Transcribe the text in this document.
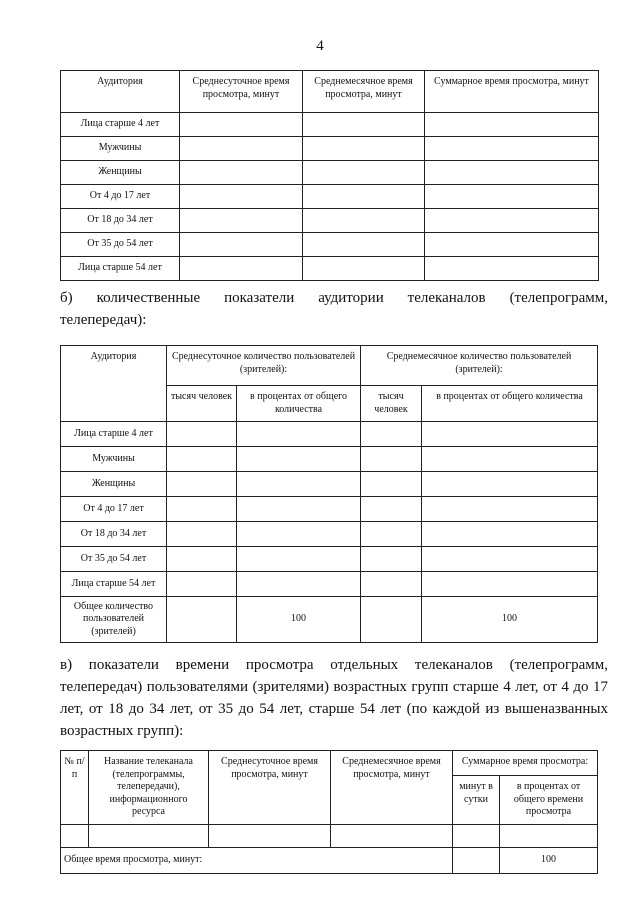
4
Аудитория	Среднесуточное время просмотра, минут	Среднемесячное время просмотра, минут	Суммарное время просмотра, минут
Лица старше 4 лет			
Мужчины			
Женщины			
От 4 до 17 лет			
От 18 до 34 лет			
От 35 до 54 лет			
Лица старше 54 лет			
б) количественные показатели аудитории телеканалов (телепрограмм,
телепередач):
Аудитория	Среднесуточное количество пользователей (зрителей):		Среднемесячное количество пользователей (зрителей):	
	тысяч человек	в процентах от общего количества	тысяч человек	в процентах от общего количества
Лица старше 4 лет				
Мужчины				
Женщины				
От 4 до 17 лет				
От 18 до 34 лет				
От 35 до 54 лет				
Лица старше 54 лет				
Общее количество пользователей (зрителей)		100		100
в) показатели времени просмотра отдельных телеканалов (телепрограмм,
телепередач) пользователями (зрителями) возрастных групп старше 4 лет, от 4 до 17
лет, от 18 до 34 лет, от 35 до 54 лет, старше 54 лет (по каждой из вышеназванных
возрастных групп):
№ п/п	Название телеканала (телепрограммы, телепередачи), информационного ресурса	Среднесуточное время просмотра, минут	Среднемесячное время просмотра, минут	Суммарное время просмотра:	
				минут в сутки	в процентах от общего времени просмотра

Общее время просмотра, минут:					100
